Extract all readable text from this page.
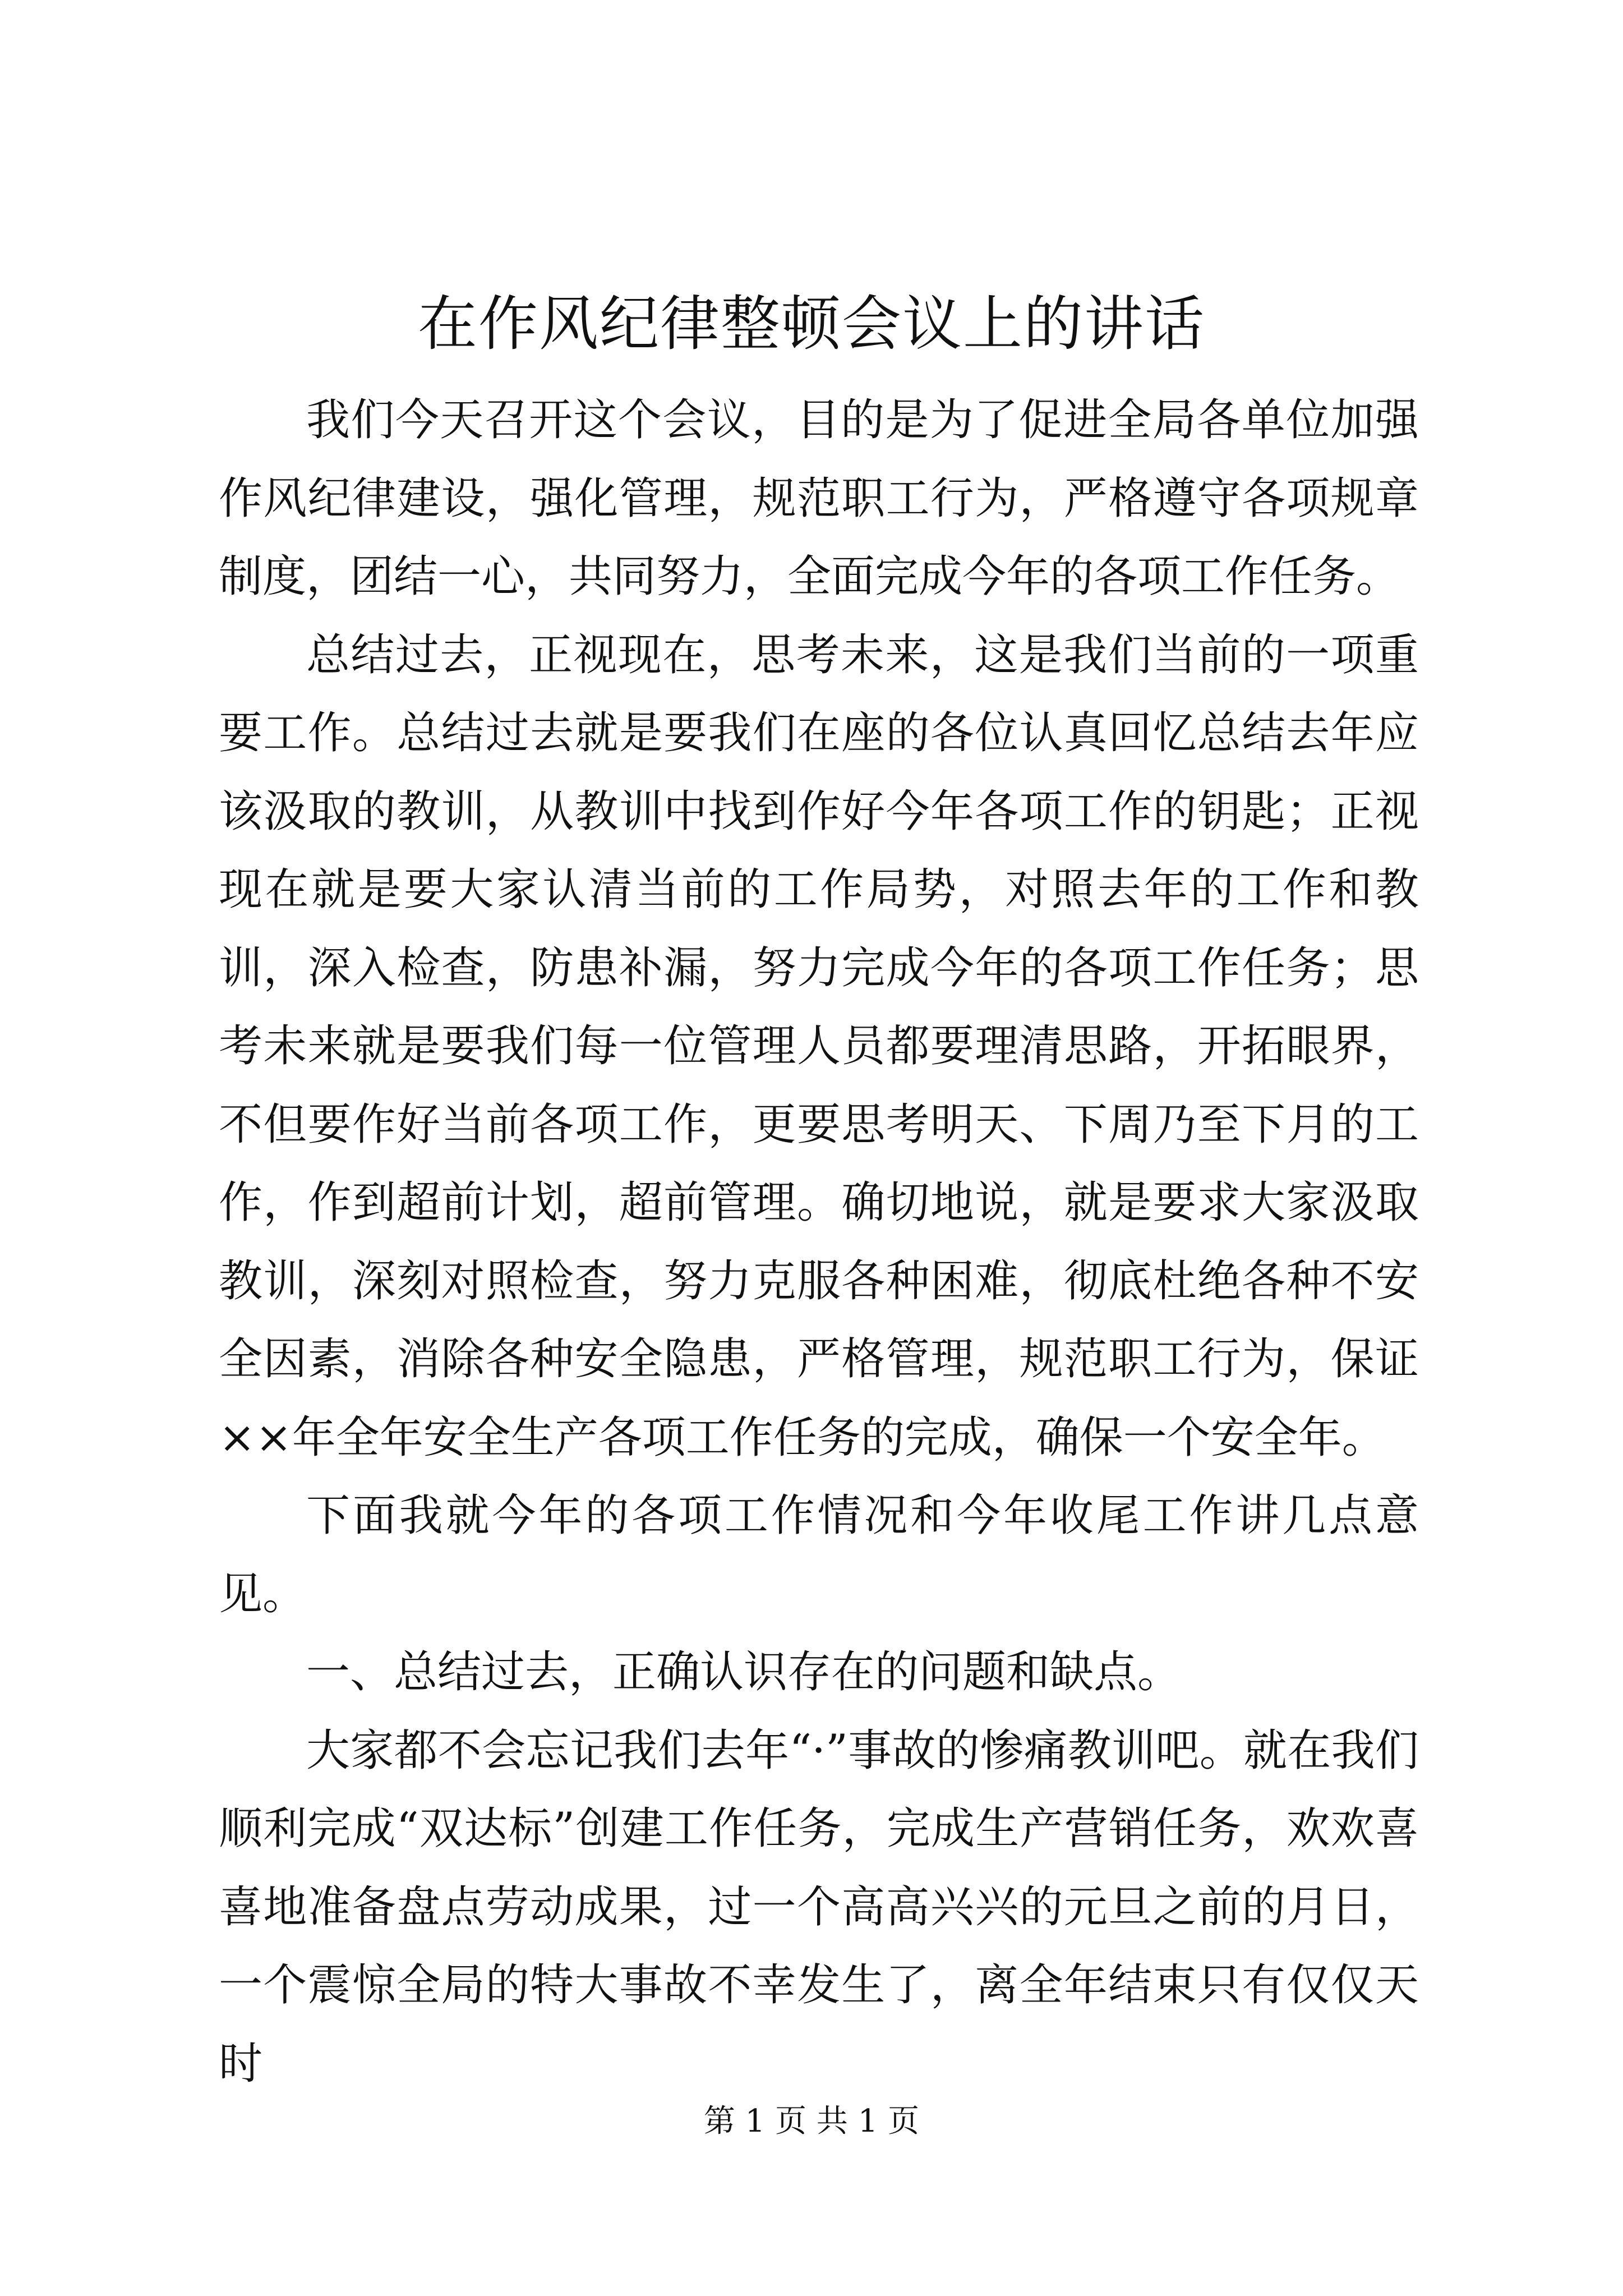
在作风纪律整顿会议上的讲话

我们今天召开这个会议，目的是为了促进全局各单位加强作风纪律建设，强化管理，规范职工行为，严格遵守各项规章制度，团结一心，共同努力，全面完成今年的各项工作任务。

总结过去，正视现在，思考未来，这是我们当前的一项重要工作。总结过去就是要我们在座的各位认真回忆总结去年应该汲取的教训，从教训中找到作好今年各项工作的钥匙；正视现在就是要大家认清当前的工作局势，对照去年的工作和教训，深入检查，防患补漏，努力完成今年的各项工作任务；思考未来就是要我们每一位管理人员都要理清思路，开拓眼界，不但要作好当前各项工作，更要思考明天、下周乃至下月的工作，作到超前计划，超前管理。确切地说，就是要求大家汲取教训，深刻对照检查，努力克服各种困难，彻底杜绝各种不安全因素，消除各种安全隐患，严格管理，规范职工行为，保证××年全年安全生产各项工作任务的完成，确保一个安全年。

下面我就今年的各项工作情况和今年收尾工作讲几点意见。

一、总结过去，正确认识存在的问题和缺点。

大家都不会忘记我们去年“·”事故的惨痛教训吧。就在我们顺利完成“双达标”创建工作任务，完成生产营销任务，欢欢喜喜地准备盘点劳动成果，过一个高高兴兴的元旦之前的月日，一个震惊全局的特大事故不幸发生了，离全年结束只有仅仅天时

第 1 页 共 1 页
